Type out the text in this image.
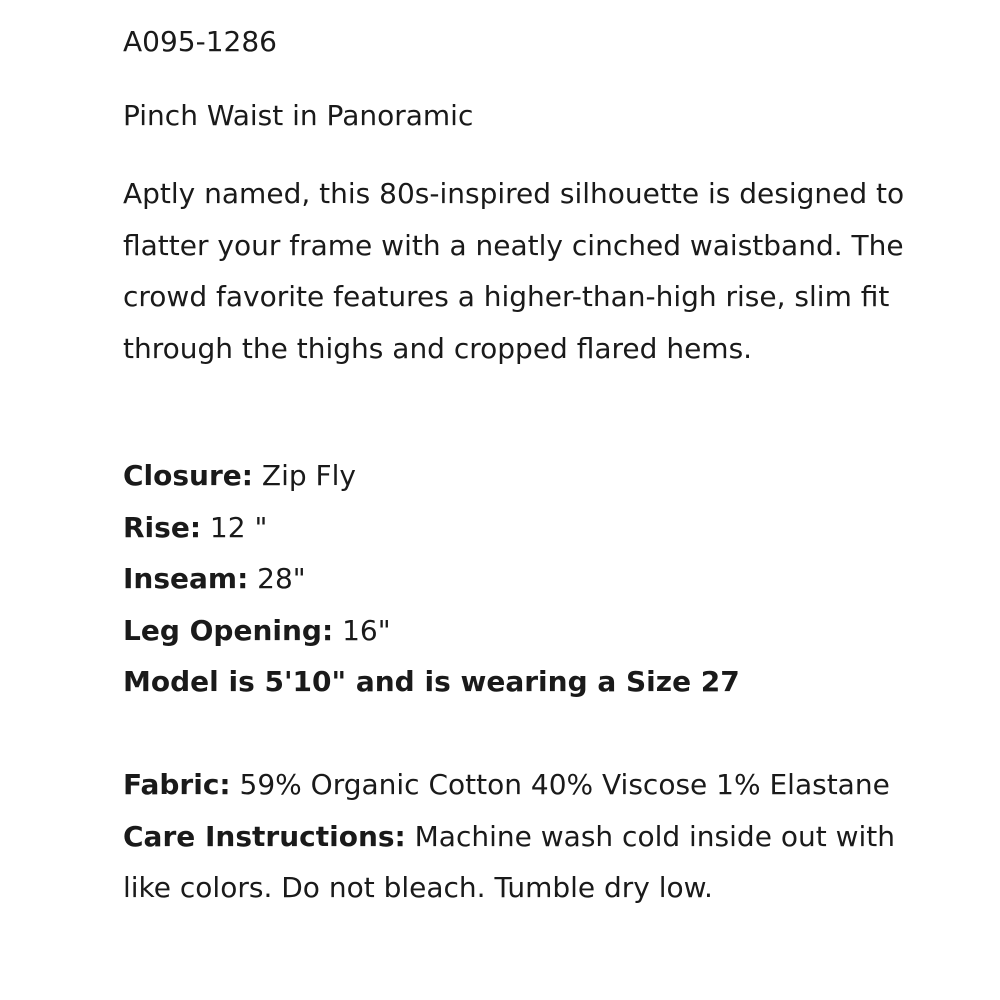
A095-1286
Pinch Waist in Panoramic

Aptly named, this 80s-inspired silhouette is designed to flatter your frame with a neatly cinched waistband. The crowd favorite features a higher-than-high rise, slim fit through the thighs and cropped flared hems.

Closure: Zip Fly
Rise: 12 "
Inseam: 28"
Leg Opening: 16"
Model is 5'10" and is wearing a Size 27
Fabric: 59% Organic Cotton 40% Viscose 1% Elastane
Care Instructions: Machine wash cold inside out with like colors. Do not bleach. Tumble dry low.
